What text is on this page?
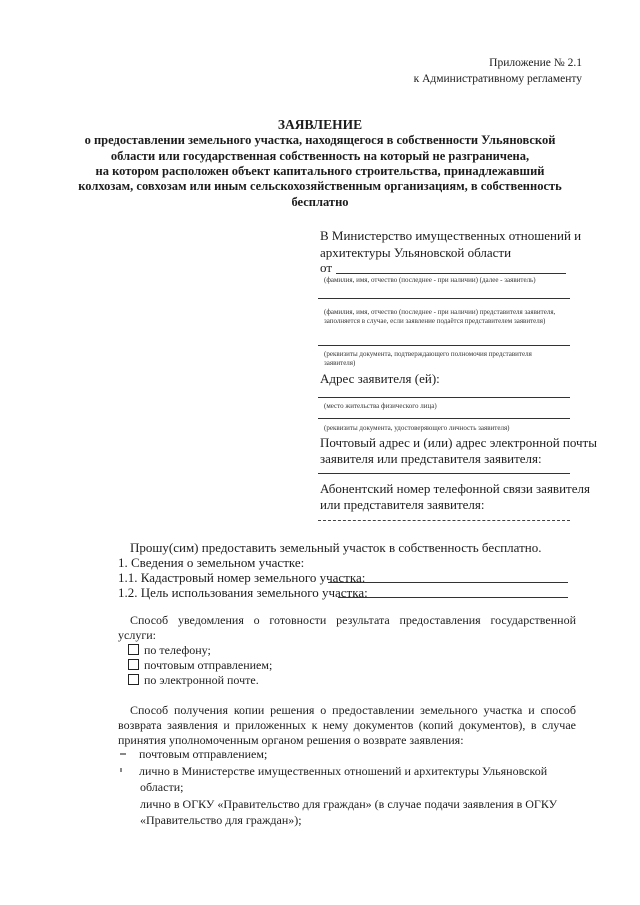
Приложение № 2.1
к Административному регламенту
ЗАЯВЛЕНИЕ
о предоставлении земельного участка, находящегося в собственности Ульяновской
области или государственная собственность на который не разграничена,
на котором расположен объект капитального строительства, принадлежавший
колхозам, совхозам или иным сельскохозяйственным организациям, в собственность
бесплатно
В Министерство имущественных отношений и
архитектуры Ульяновской области
от
(фамилия, имя, отчество (последнее - при наличии) (далее - заявитель)
(фамилия, имя, отчество (последнее - при наличии) представителя заявителя, заполняется в случае, если заявление подаётся представителем заявителя)
(реквизиты документа, подтверждающего полномочия представителя заявителя)
Адрес заявителя (ей):
(место жительства физического лица)
(реквизиты документа, удостоверяющего личность заявителя)
Почтовый адрес и (или) адрес электронной почты
заявителя или представителя заявителя:
Абонентский номер телефонной связи заявителя
или представителя заявителя:
Прошу(сим) предоставить земельный участок в собственность бесплатно.
1. Сведения о земельном участке:
1.1. Кадастровый номер земельного участка:
1.2. Цель использования земельного участка:
Способ уведомления о готовности результата предоставления государственной услуги:
по телефону;
почтовым отправлением;
по электронной почте.
Способ получения копии решения о предоставлении земельного участка и способ возврата заявления и приложенных к нему документов (копий документов), в случае принятия уполномоченным органом решения о возврате заявления:
почтовым отправлением;
лично в Министерстве имущественных отношений и архитектуры Ульяновской
области;
лично в ОГКУ «Правительство для граждан» (в случае подачи заявления в ОГКУ
«Правительство для граждан»);
